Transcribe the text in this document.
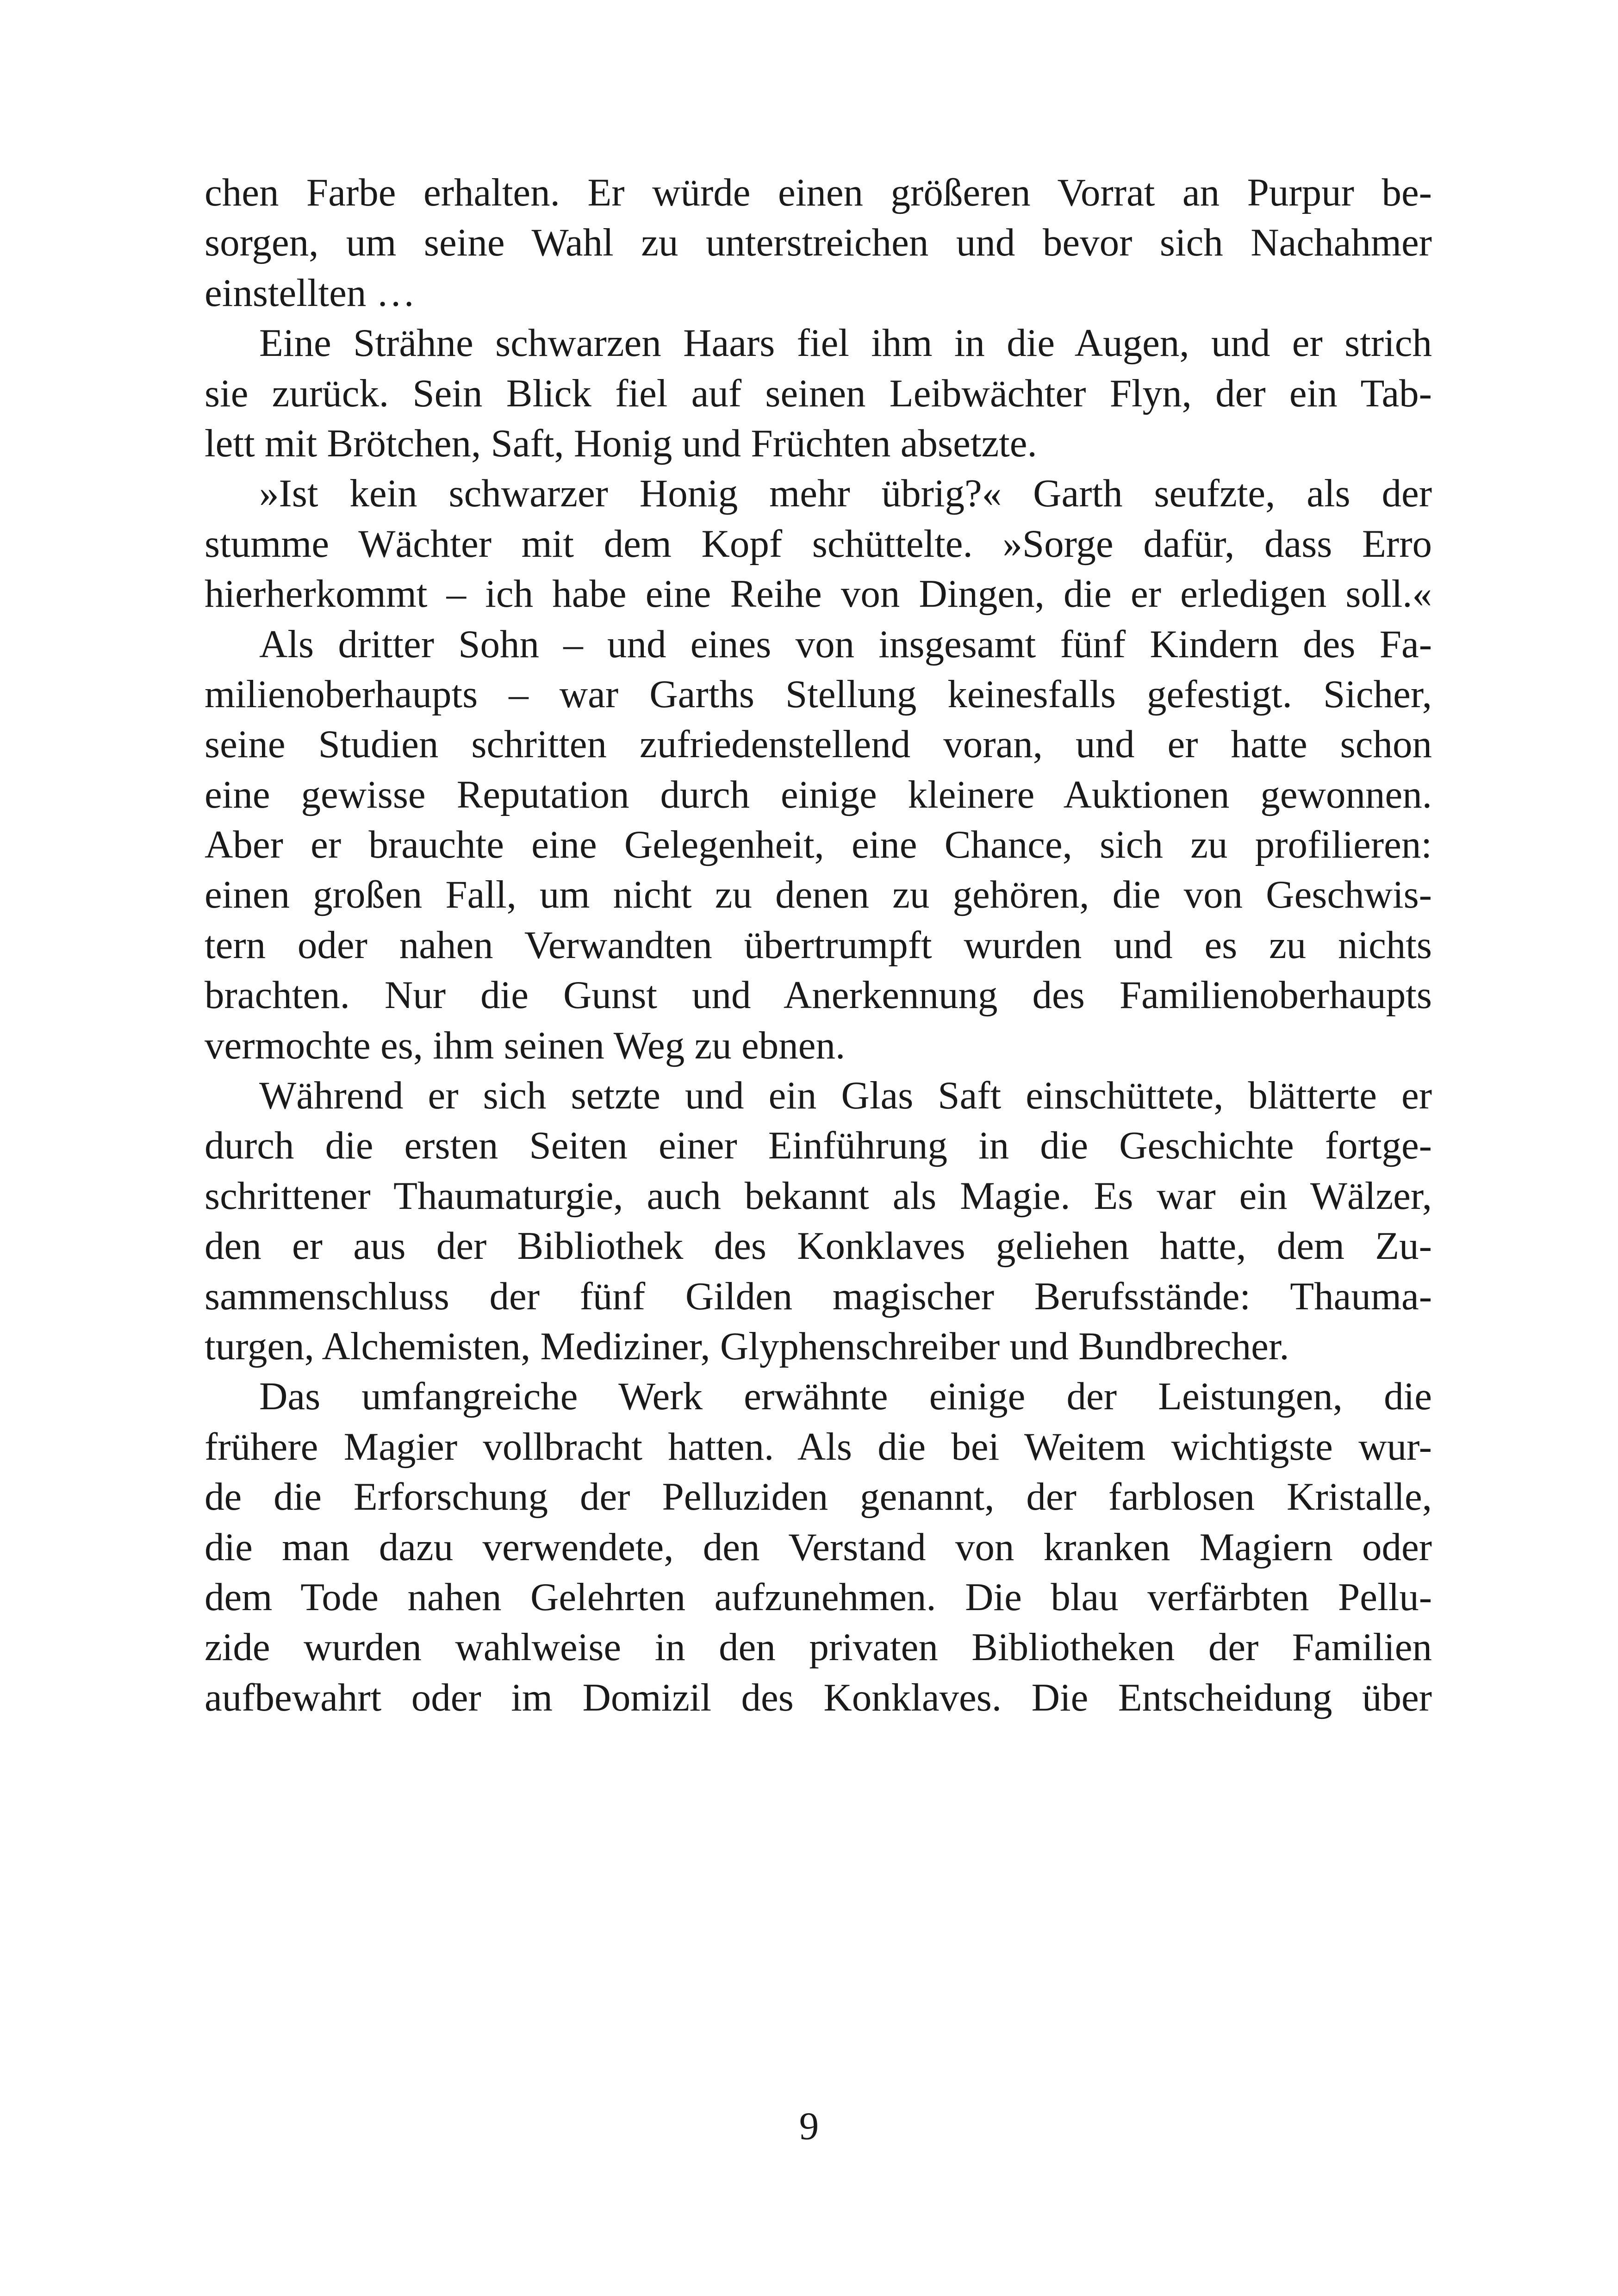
chen Farbe erhalten. Er würde einen größeren Vorrat an Purpur be-
sorgen, um seine Wahl zu unterstreichen und bevor sich Nachahmer
einstellten …
Eine Strähne schwarzen Haars fiel ihm in die Augen, und er strich
sie zurück. Sein Blick fiel auf seinen Leibwächter Flyn, der ein Tab-
lett mit Brötchen, Saft, Honig und Früchten absetzte.
»Ist kein schwarzer Honig mehr übrig?« Garth seufzte, als der
stumme Wächter mit dem Kopf schüttelte. »Sorge dafür, dass Erro
hierherkommt – ich habe eine Reihe von Dingen, die er erledigen soll.«
Als dritter Sohn – und eines von insgesamt fünf Kindern des Fa-
milienoberhaupts – war Garths Stellung keinesfalls gefestigt. Sicher,
seine Studien schritten zufriedenstellend voran, und er hatte schon
eine gewisse Reputation durch einige kleinere Auktionen gewonnen.
Aber er brauchte eine Gelegenheit, eine Chance, sich zu profilieren:
einen großen Fall, um nicht zu denen zu gehören, die von Geschwis-
tern oder nahen Verwandten übertrumpft wurden und es zu nichts
brachten. Nur die Gunst und Anerkennung des Familienoberhaupts
vermochte es, ihm seinen Weg zu ebnen.
Während er sich setzte und ein Glas Saft einschüttete, blätterte er
durch die ersten Seiten einer Einführung in die Geschichte fortge-
schrittener Thaumaturgie, auch bekannt als Magie. Es war ein Wälzer,
den er aus der Bibliothek des Konklaves geliehen hatte, dem Zu-
sammenschluss der fünf Gilden magischer Berufsstände: Thauma-
turgen, Alchemisten, Mediziner, Glyphenschreiber und Bundbrecher.
Das umfangreiche Werk erwähnte einige der Leistungen, die
frühere Magier vollbracht hatten. Als die bei Weitem wichtigste wur-
de die Erforschung der Pelluziden genannt, der farblosen Kristalle,
die man dazu verwendete, den Verstand von kranken Magiern oder
dem Tode nahen Gelehrten aufzunehmen. Die blau verfärbten Pellu-
zide wurden wahlweise in den privaten Bibliotheken der Familien
aufbewahrt oder im Domizil des Konklaves. Die Entscheidung über
9
